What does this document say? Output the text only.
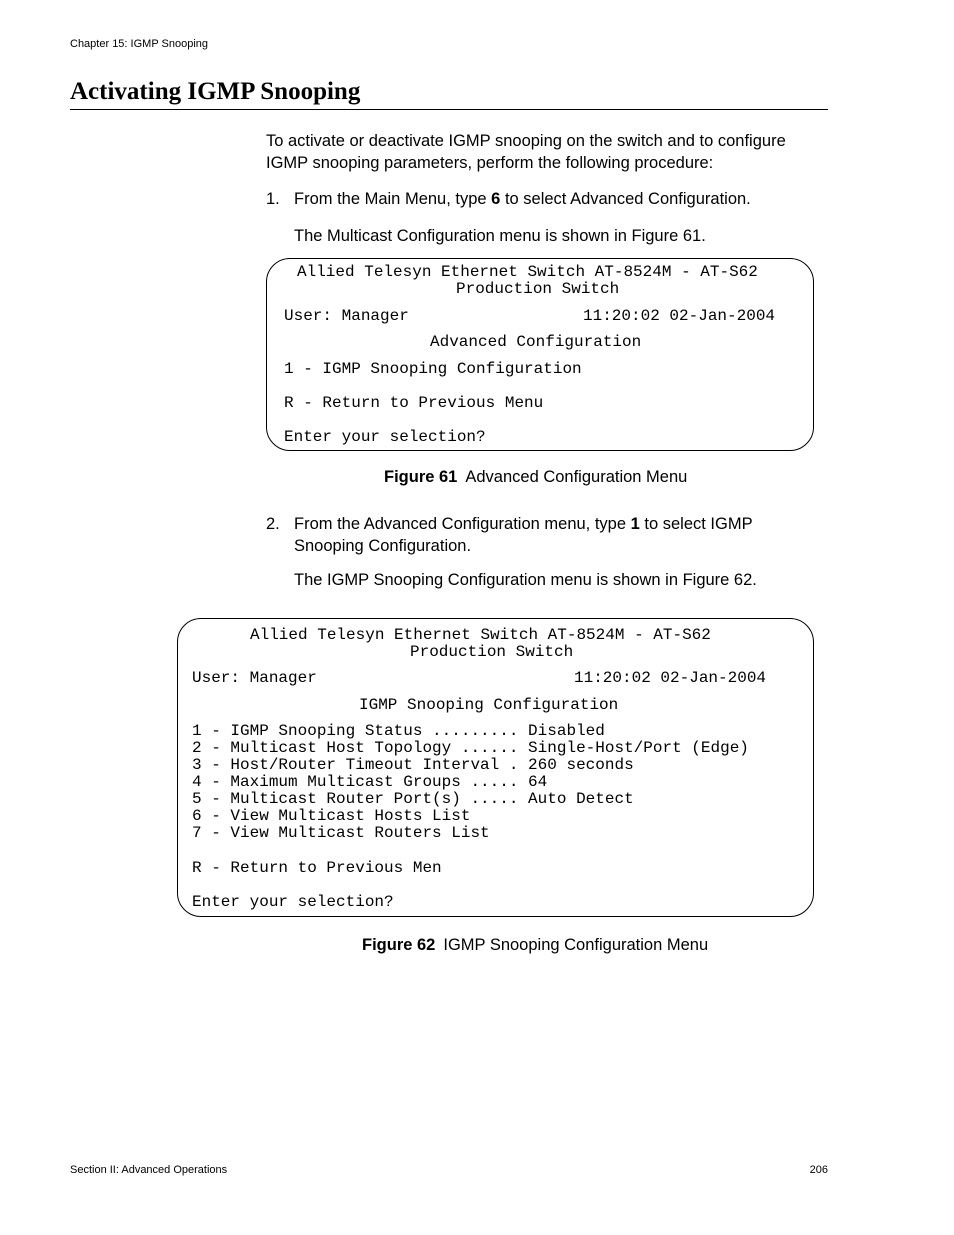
Chapter 15: IGMP Snooping
Activating IGMP Snooping
To activate or deactivate IGMP snooping on the switch and to configure IGMP snooping parameters, perform the following procedure:
1. From the Main Menu, type 6 to select Advanced Configuration.
The Multicast Configuration menu is shown in Figure 61.
Allied Telesyn Ethernet Switch AT-8524M - AT-S62
Production Switch
User: Manager	11:20:02 02-Jan-2004
Advanced Configuration
1 - IGMP Snooping Configuration
R - Return to Previous Menu
Enter your selection?
Figure 61 Advanced Configuration Menu
2. From the Advanced Configuration menu, type 1 to select IGMP Snooping Configuration.
The IGMP Snooping Configuration menu is shown in Figure 62.
Allied Telesyn Ethernet Switch AT-8524M - AT-S62
Production Switch
User: Manager	11:20:02 02-Jan-2004
IGMP Snooping Configuration
1 - IGMP Snooping Status ......... Disabled
2 - Multicast Host Topology ...... Single-Host/Port (Edge)
3 - Host/Router Timeout Interval . 260 seconds
4 - Maximum Multicast Groups ..... 64
5 - Multicast Router Port(s) ..... Auto Detect
6 - View Multicast Hosts List
7 - View Multicast Routers List
R - Return to Previous Men
Enter your selection?
Figure 62 IGMP Snooping Configuration Menu
Section II: Advanced Operations	206
